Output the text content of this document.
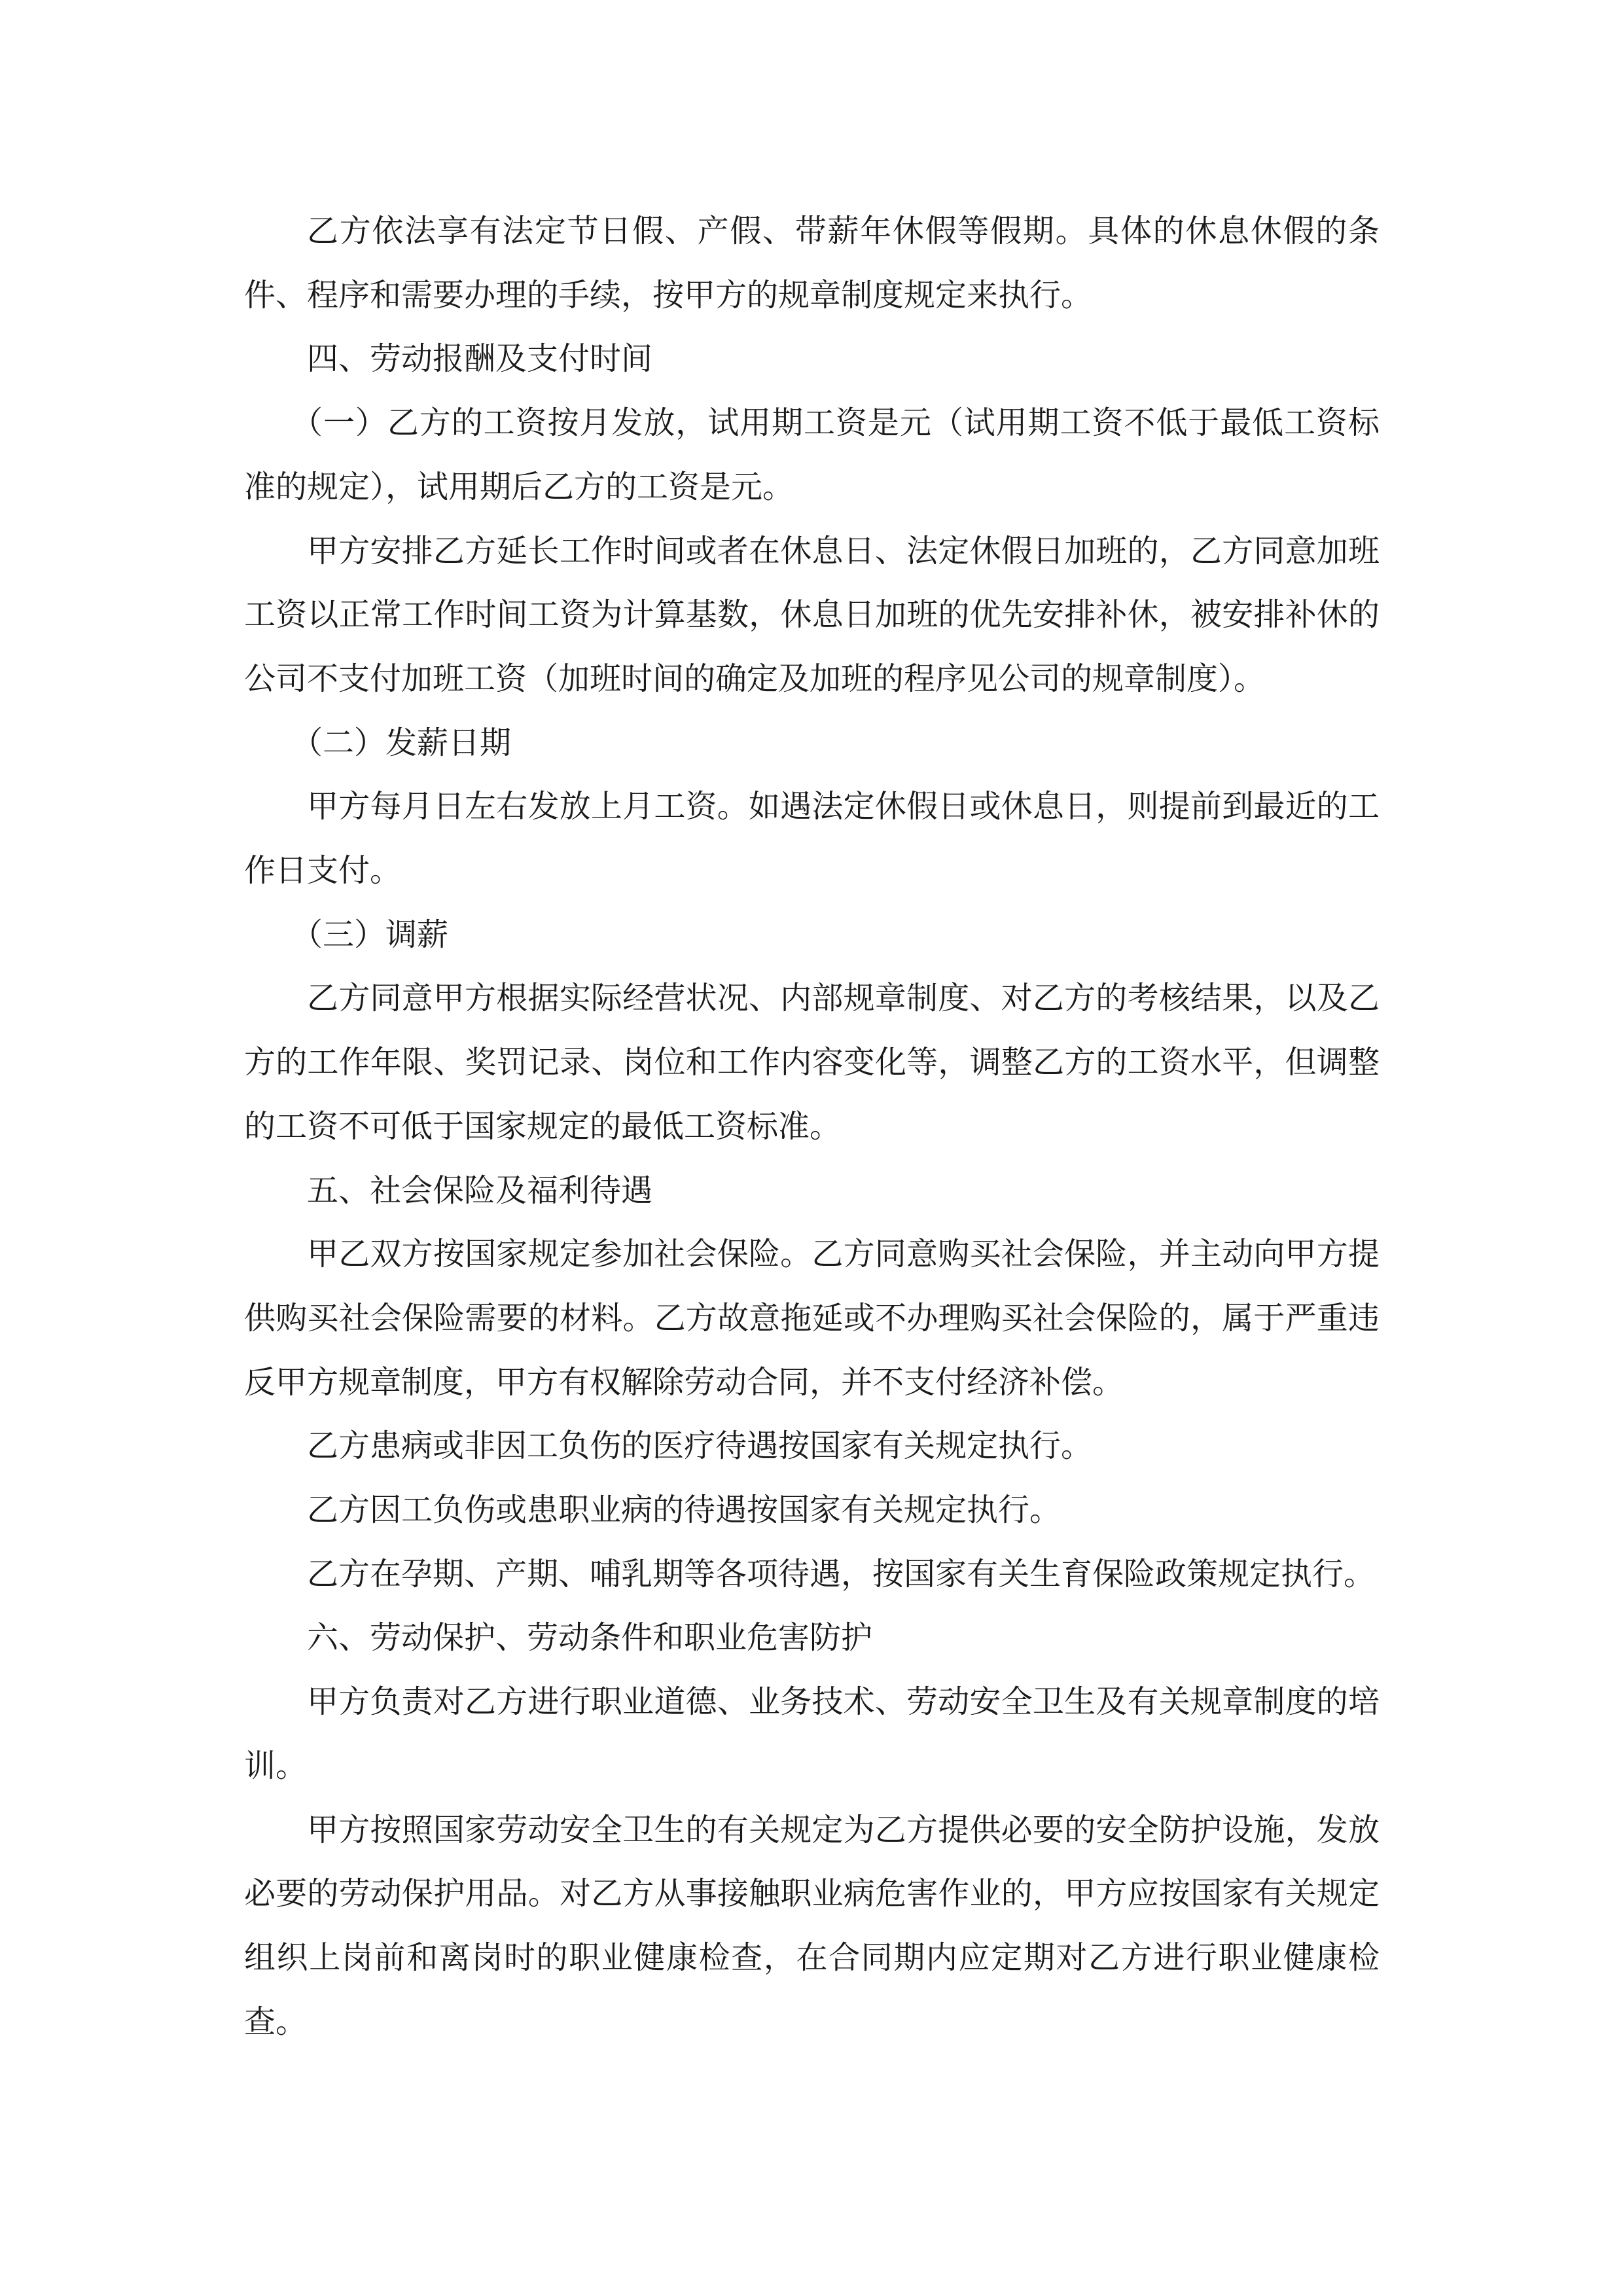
乙方依法享有法定节日假、产假、带薪年休假等假期。具体的休息休假的条件、程序和需要办理的手续，按甲方的规章制度规定来执行。

四、劳动报酬及支付时间

（一）乙方的工资按月发放，试用期工资是元（试用期工资不低于最低工资标准的规定），试用期后乙方的工资是元。

甲方安排乙方延长工作时间或者在休息日、法定休假日加班的，乙方同意加班工资以正常工作时间工资为计算基数，休息日加班的优先安排补休，被安排补休的公司不支付加班工资（加班时间的确定及加班的程序见公司的规章制度）。

（二）发薪日期

甲方每月日左右发放上月工资。如遇法定休假日或休息日，则提前到最近的工作日支付。

（三）调薪

乙方同意甲方根据实际经营状况、内部规章制度、对乙方的考核结果，以及乙方的工作年限、奖罚记录、岗位和工作内容变化等，调整乙方的工资水平，但调整的工资不可低于国家规定的最低工资标准。

五、社会保险及福利待遇

甲乙双方按国家规定参加社会保险。乙方同意购买社会保险，并主动向甲方提供购买社会保险需要的材料。乙方故意拖延或不办理购买社会保险的，属于严重违反甲方规章制度，甲方有权解除劳动合同，并不支付经济补偿。

乙方患病或非因工负伤的医疗待遇按国家有关规定执行。

乙方因工负伤或患职业病的待遇按国家有关规定执行。

乙方在孕期、产期、哺乳期等各项待遇，按国家有关生育保险政策规定执行。

六、劳动保护、劳动条件和职业危害防护

甲方负责对乙方进行职业道德、业务技术、劳动安全卫生及有关规章制度的培训。

甲方按照国家劳动安全卫生的有关规定为乙方提供必要的安全防护设施，发放必要的劳动保护用品。对乙方从事接触职业病危害作业的，甲方应按国家有关规定组织上岗前和离岗时的职业健康检查，在合同期内应定期对乙方进行职业健康检查。
